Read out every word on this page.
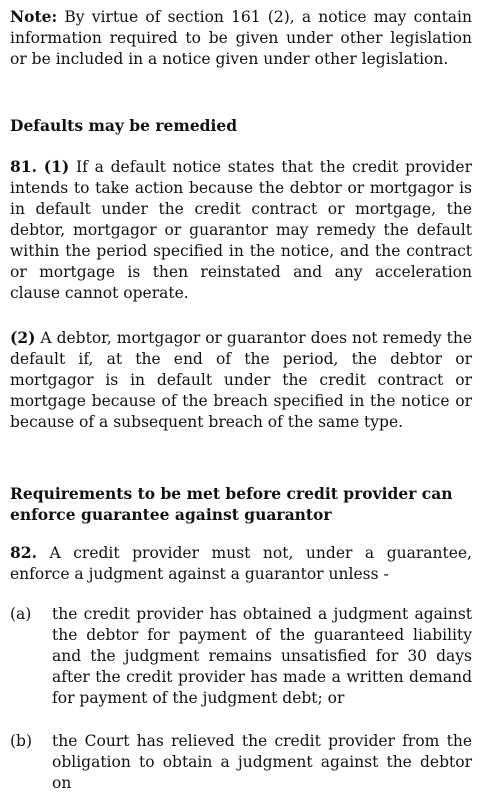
Note: By virtue of section 161 (2), a notice may contain information required to be given under other legislation or be included in a notice given under other legislation.

Defaults may be remedied

81. (1) If a default notice states that the credit provider intends to take action because the debtor or mortgagor is in default under the credit contract or mortgage, the debtor, mortgagor or guarantor may remedy the default within the period specified in the notice, and the contract or mortgage is then reinstated and any acceleration clause cannot operate.

(2) A debtor, mortgagor or guarantor does not remedy the default if, at the end of the period, the debtor or mortgagor is in default under the credit contract or mortgage because of the breach specified in the notice or because of a subsequent breach of the same type.

Requirements to be met before credit provider can enforce guarantee against guarantor

82. A credit provider must not, under a guarantee, enforce a judgment against a guarantor unless -

(a)	the credit provider has obtained a judgment against the debtor for payment of the guaranteed liability and the judgment remains unsatisfied for 30 days after the credit provider has made a written demand for payment of the judgment debt; or
(b)	the Court has relieved the credit provider from the obligation to obtain a judgment against the debtor on
